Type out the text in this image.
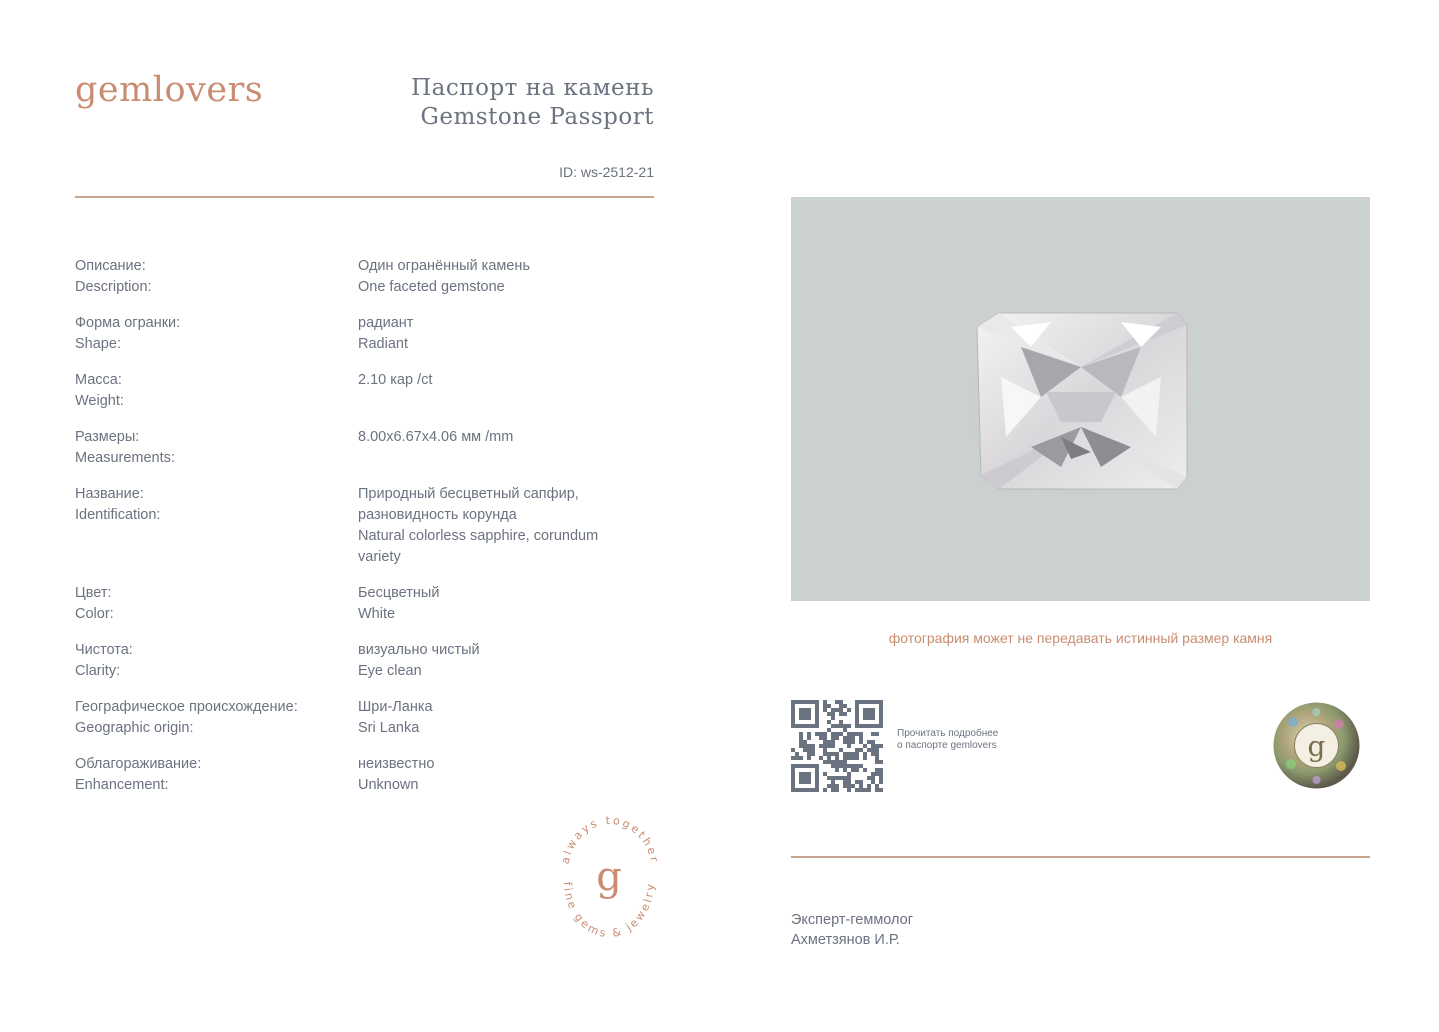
gemlovers	Паспорт на камень
Gemstone Passport
ID: ws-2512-21
Описание:
Description:
Один огранённый камень
One faceted gemstone
Форма огранки:
Shape:
радиант
Radiant
Масса:
Weight:
2.10 кар /ct
Размеры:
Measurements:
8.00х6.67х4.06 мм /mm
Название:
Identification:
Природный бесцветный сапфир,
разновидность корунда
Natural colorless sapphire, corundum
variety
Цвет:
Color:
Бесцветный
White
Чистота:
Clarity:
визуально чистый
Eye clean
Географическое происхождение:
Geographic origin:
Шри-Ланка
Sri Lanka
Облагораживание:
Enhancement:
неизвестно
Unknown
фотография может не передавать истинный размер камня
Прочитать подробнее
о паспорте gemlovers	g
always together
fine gems & jewelry
g
Эксперт-геммолог
Ахметзянов И.Р.
